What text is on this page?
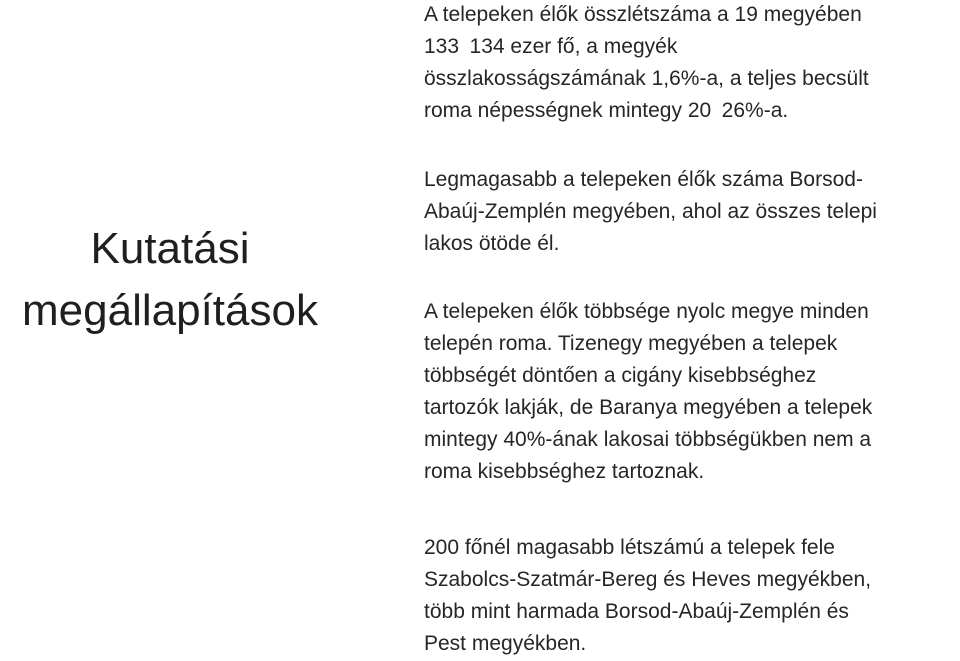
Kutatási
megállapítások

A telepeken élők összlétszáma a 19 megyében
133 134 ezer fő, a megyék
összlakosságszámának 1,6%-a, a teljes becsült
roma népességnek mintegy 20 26%-a.

Legmagasabb a telepeken élők száma Borsod-
Abaúj-Zemplén megyében, ahol az összes telepi
lakos ötöde él.

A telepeken élők többsége nyolc megye minden
telepén roma. Tizenegy megyében a telepek
többségét döntően a cigány kisebbséghez
tartozók lakják, de Baranya megyében a telepek
mintegy 40%-ának lakosai többségükben nem a
roma kisebbséghez tartoznak.

200 főnél magasabb létszámú a telepek fele
Szabolcs-Szatmár-Bereg és Heves megyékben,
több mint harmada Borsod-Abaúj-Zemplén és
Pest megyékben.
